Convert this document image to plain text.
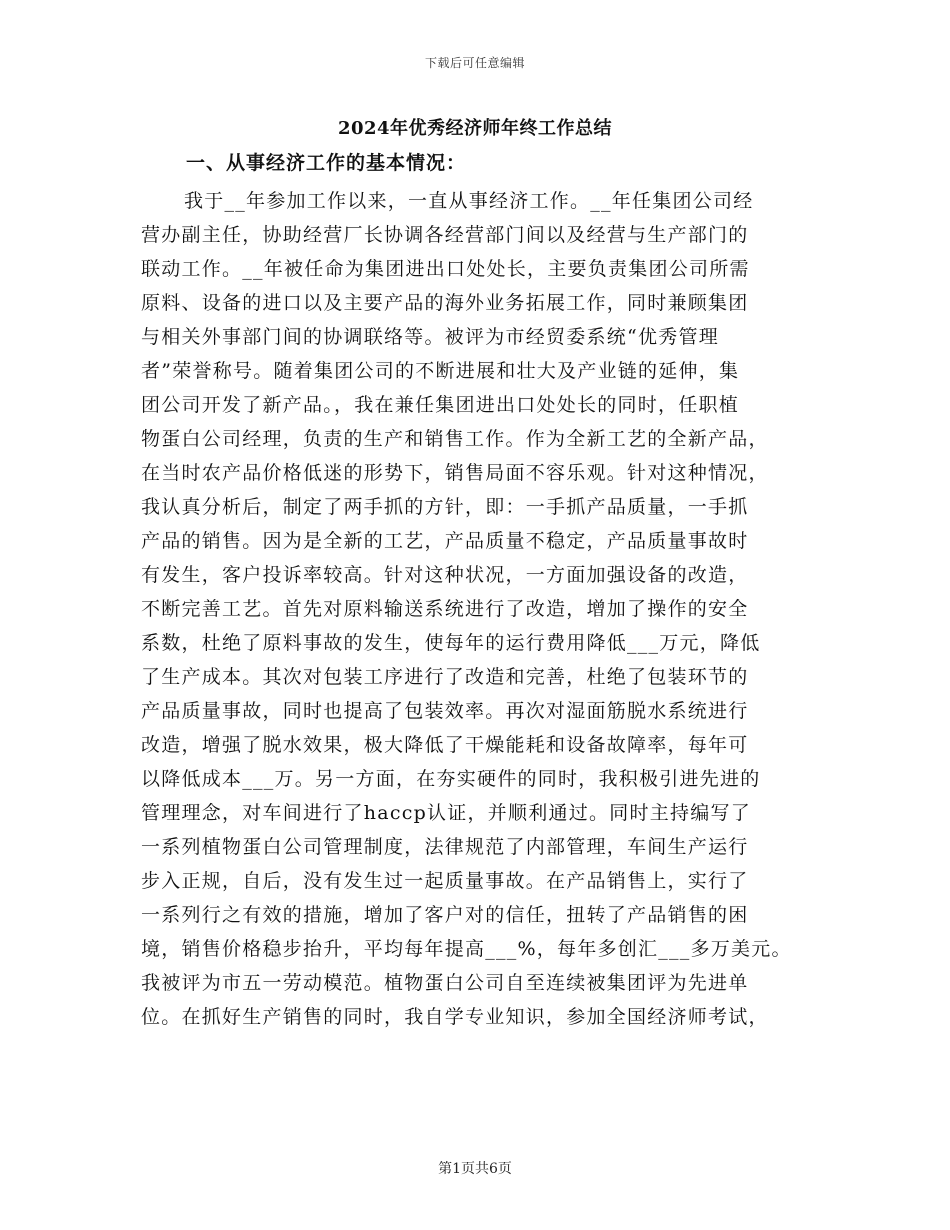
下载后可任意编辑
2024年优秀经济师年终工作总结
一、从事经济工作的基本情况：
我于__年参加工作以来，一直从事经济工作。__年任集团公司经
营办副主任，协助经营厂长协调各经营部门间以及经营与生产部门的
联动工作。__年被任命为集团进出口处处长，主要负责集团公司所需
原料、设备的进口以及主要产品的海外业务拓展工作，同时兼顾集团
与相关外事部门间的协调联络等。被评为市经贸委系统“优秀管理
者”荣誉称号。随着集团公司的不断进展和壮大及产业链的延伸，集
团公司开发了新产品。，我在兼任集团进出口处处长的同时，任职植
物蛋白公司经理，负责的生产和销售工作。作为全新工艺的全新产品，
在当时农产品价格低迷的形势下，销售局面不容乐观。针对这种情况，
我认真分析后，制定了两手抓的方针，即：一手抓产品质量，一手抓
产品的销售。因为是全新的工艺，产品质量不稳定，产品质量事故时
有发生，客户投诉率较高。针对这种状况，一方面加强设备的改造，
不断完善工艺。首先对原料输送系统进行了改造，增加了操作的安全
系数，杜绝了原料事故的发生，使每年的运行费用降低___万元，降低
了生产成本。其次对包装工序进行了改造和完善，杜绝了包装环节的
产品质量事故，同时也提高了包装效率。再次对湿面筋脱水系统进行
改造，增强了脱水效果，极大降低了干燥能耗和设备故障率，每年可
以降低成本___万。另一方面，在夯实硬件的同时，我积极引进先进的
管理理念，对车间进行了haccp认证，并顺利通过。同时主持编写了
一系列植物蛋白公司管理制度，法律规范了内部管理，车间生产运行
步入正规，自后，没有发生过一起质量事故。在产品销售上，实行了
一系列行之有效的措施，增加了客户对的信任，扭转了产品销售的困
境，销售价格稳步抬升，平均每年提高___%，每年多创汇___多万美元。
我被评为市五一劳动模范。植物蛋白公司自至连续被集团评为先进单
位。在抓好生产销售的同时，我自学专业知识，参加全国经济师考试，
第1页共6页
